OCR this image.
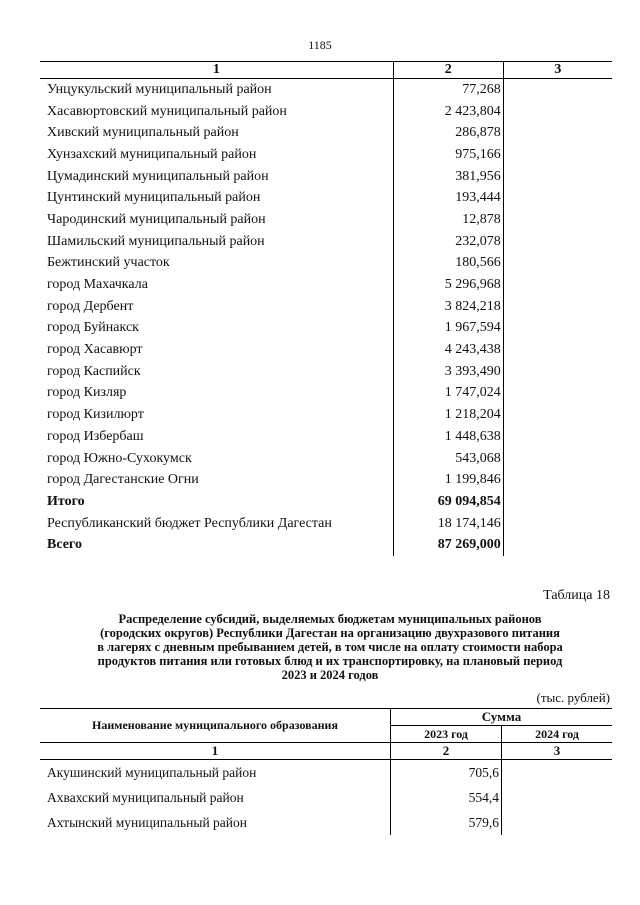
1185
1	2	3
Унцукульский муниципальный район	77,268	
Хасавюртовский муниципальный район	2 423,804	
Хивский муниципальный район	286,878	
Хунзахский муниципальный район	975,166	
Цумадинский муниципальный район	381,956	
Цунтинский муниципальный район	193,444	
Чародинский муниципальный район	12,878	
Шамильский муниципальный район	232,078	
Бежтинский участок	180,566	
город Махачкала	5 296,968	
город Дербент	3 824,218	
город Буйнакск	1 967,594	
город Хасавюрт	4 243,438	
город Каспийск	3 393,490	
город Кизляр	1 747,024	
город Кизилюрт	1 218,204	
город Избербаш	1 448,638	
город Южно-Сухокумск	543,068	
город Дагестанские Огни	1 199,846	
Итого	69 094,854	
Республиканский бюджет Республики Дагестан	18 174,146	
Всего	87 269,000	
Таблица 18
Распределение субсидий, выделяемых бюджетам муниципальных районов
(городских округов) Республики Дагестан на организацию двухразового питания
в лагерях с дневным пребыванием детей, в том числе на оплату стоимости набора
продуктов питания или готовых блюд и их транспортировку, на плановый период
2023 и 2024 годов
(тыс. рублей)
Наименование муниципального образования	Сумма	
	2023 год	2024 год
1	2	3
Акушинский муниципальный район	705,6	
Ахвахский муниципальный район	554,4	
Ахтынский муниципальный район	579,6	
